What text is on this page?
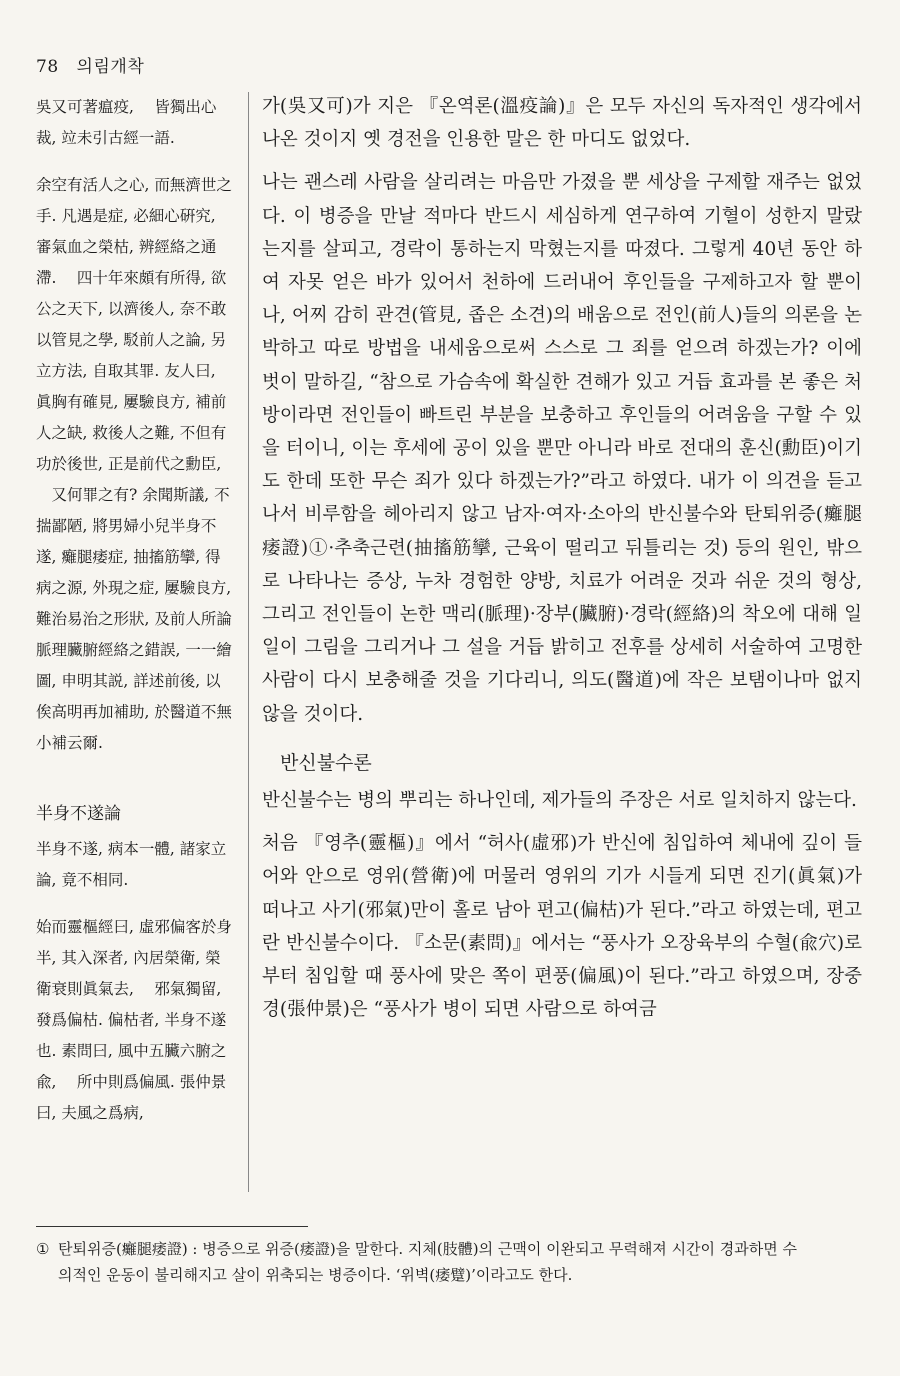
78 의림개착

吳又可著瘟疫, 　皆獨出心裁, 竝未引古經一語.

余空有活人之心, 而無濟世之手. 凡遇是症, 必細心硏究, 審氣血之榮枯, 辨經絡之通滯. 　四十年來頗有所得, 欲公之天下, 以濟後人, 奈不敢以管見之學, 駁前人之論, 另立方法, 自取其罪. 友人曰, 眞胸有確見, 屢驗良方, 補前人之缺, 救後人之難, 不但有功於後世, 正是前代之勳臣, 　又何罪之有? 余聞斯議, 不揣鄙陋, 將男婦小兒半身不遂, 癱腿痿症, 抽搐筋攣, 得病之源, 外現之症, 屢驗良方, 難治易治之形狀, 及前人所論脈理臟腑經絡之錯誤, 一一繪圖, 申明其説, 詳述前後, 以俟高明再加補助, 於醫道不無小補云爾.

半身不遂論

半身不遂, 病本一體, 諸家立論, 竟不相同.

始而靈樞經曰, 虛邪偏客於身半, 其入深者, 內居榮衛, 榮衛衰則眞氣去, 　邪氣獨留, 發爲偏枯. 偏枯者, 半身不遂也. 素問曰, 風中五臟六腑之兪, 　所中則爲偏風. 張仲景曰, 夫風之爲病,

가(吳又可)가 지은 『온역론(溫疫論)』은 모두 자신의 독자적인 생각에서 나온 것이지 옛 경전을 인용한 말은 한 마디도 없었다.

나는 괜스레 사람을 살리려는 마음만 가졌을 뿐 세상을 구제할 재주는 없었다. 이 병증을 만날 적마다 반드시 세심하게 연구하여 기혈이 성한지 말랐는지를 살피고, 경락이 통하는지 막혔는지를 따졌다. 그렇게 40년 동안 하여 자못 얻은 바가 있어서 천하에 드러내어 후인들을 구제하고자 할 뿐이나, 어찌 감히 관견(管見, 좁은 소견)의 배움으로 전인(前人)들의 의론을 논박하고 따로 방법을 내세움으로써 스스로 그 죄를 얻으려 하겠는가? 이에 벗이 말하길, “참으로 가슴속에 확실한 견해가 있고 거듭 효과를 본 좋은 처방이라면 전인들이 빠트린 부분을 보충하고 후인들의 어려움을 구할 수 있을 터이니, 이는 후세에 공이 있을 뿐만 아니라 바로 전대의 훈신(勳臣)이기도 한데 또한 무슨 죄가 있다 하겠는가?”라고 하였다. 내가 이 의견을 듣고 나서 비루함을 헤아리지 않고 남자·여자·소아의 반신불수와 탄퇴위증(癱腿痿證)①·추축근련(抽搐筋攣, 근육이 떨리고 뒤틀리는 것) 등의 원인, 밖으로 나타나는 증상, 누차 경험한 양방, 치료가 어려운 것과 쉬운 것의 형상, 그리고 전인들이 논한 맥리(脈理)·장부(臟腑)·경락(經絡)의 착오에 대해 일일이 그림을 그리거나 그 설을 거듭 밝히고 전후를 상세히 서술하여 고명한 사람이 다시 보충해줄 것을 기다리니, 의도(醫道)에 작은 보탬이나마 없지 않을 것이다.

반신불수론

반신불수는 병의 뿌리는 하나인데, 제가들의 주장은 서로 일치하지 않는다.

처음 『영추(靈樞)』에서 “허사(虛邪)가 반신에 침입하여 체내에 깊이 들어와 안으로 영위(營衛)에 머물러 영위의 기가 시들게 되면 진기(眞氣)가 떠나고 사기(邪氣)만이 홀로 남아 편고(偏枯)가 된다.”라고 하였는데, 편고란 반신불수이다. 『소문(素問)』에서는 “풍사가 오장육부의 수혈(兪穴)로부터 침입할 때 풍사에 맞은 쪽이 편풍(偏風)이 된다.”라고 하였으며, 장중경(張仲景)은 “풍사가 병이 되면 사람으로 하여금

① 탄퇴위증(癱腿痿證) : 병증으로 위증(痿證)을 말한다. 지체(肢體)의 근맥이 이완되고 무력해져 시간이 경과하면 수
의적인 운동이 불리해지고 살이 위축되는 병증이다. ‘위벽(痿躄)’이라고도 한다.
